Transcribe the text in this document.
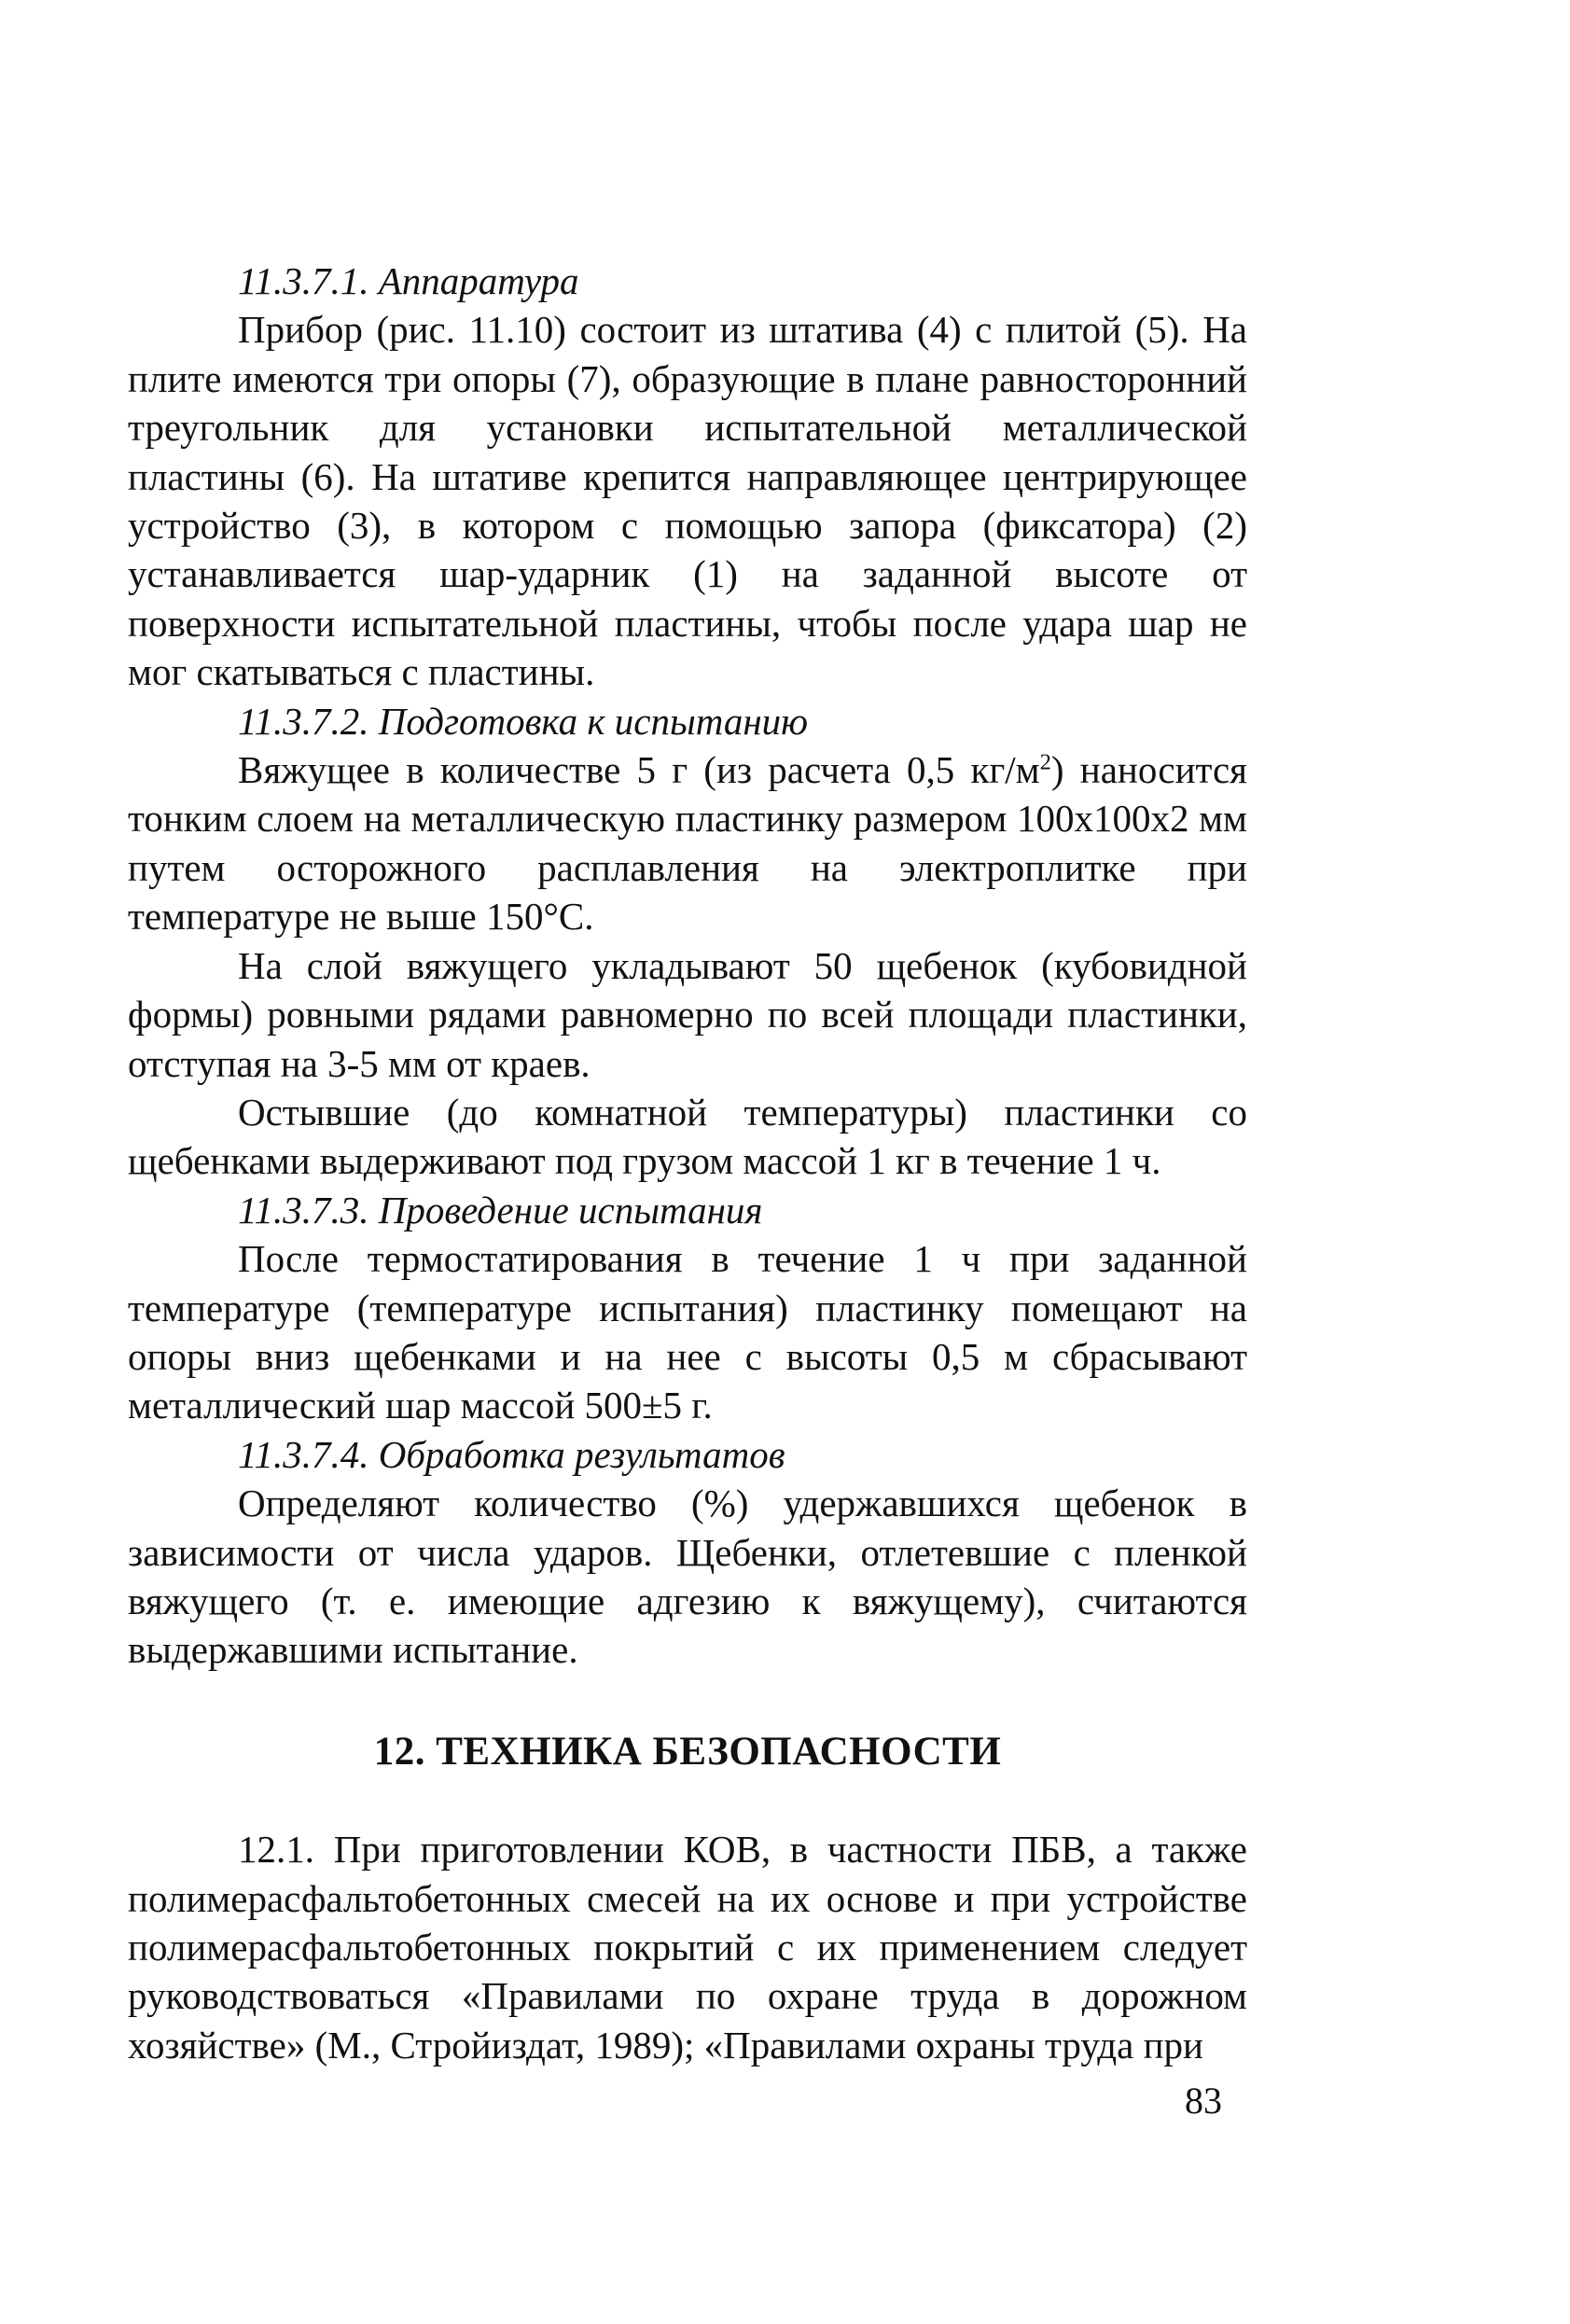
11.3.7.1. Аппаратура

Прибор (рис. 11.10) состоит из штатива (4) с плитой (5). На плите имеются три опоры (7), образующие в плане равносторонний треугольник для установки испытательной металлической пластины (6). На штативе крепится направляющее центрирующее устройство (3), в котором с помощью запора (фиксатора) (2) устанавливается шар-ударник (1) на заданной высоте от поверхности испытательной пластины, чтобы после удара шар не мог скатываться с пластины.

11.3.7.2. Подготовка к испытанию

Вяжущее в количестве 5 г (из расчета 0,5 $кг/м^2$) наносится тонким слоем на металлическую пластинку размером 100х100х2 мм путем осторожного расплавления на электроплитке при температуре не выше 150°С.

На слой вяжущего укладывают 50 щебенок (кубовидной формы) ровными рядами равномерно по всей площади пластинки, отступая на 3-5 мм от краев.

Остывшие (до комнатной температуры) пластинки со щебенками выдерживают под грузом массой 1 кг в течение 1 ч.

11.3.7.3. Проведение испытания

После термостатирования в течение 1 ч при заданной температуре (температуре испытания) пластинку помещают на опоры вниз щебенками и на нее с высоты 0,5 м сбрасывают металлический шар массой 500±5 г.

11.3.7.4. Обработка результатов

Определяют количество (%) удержавшихся щебенок в зависимости от числа ударов. Щебенки, отлетевшие с пленкой вяжущего (т. е. имеющие адгезию к вяжущему), считаются выдержавшими испытание.

12. ТЕХНИКА БЕЗОПАСНОСТИ

12.1. При приготовлении КОВ, в частности ПБВ, а также полимерасфальтобетонных смесей на их основе и при устройстве полимерасфальтобетонных покрытий с их применением следует руководствоваться «Правилами по охране труда в дорожном хозяйстве» (М., Стройиздат, 1989); «Правилами охраны труда при

83
